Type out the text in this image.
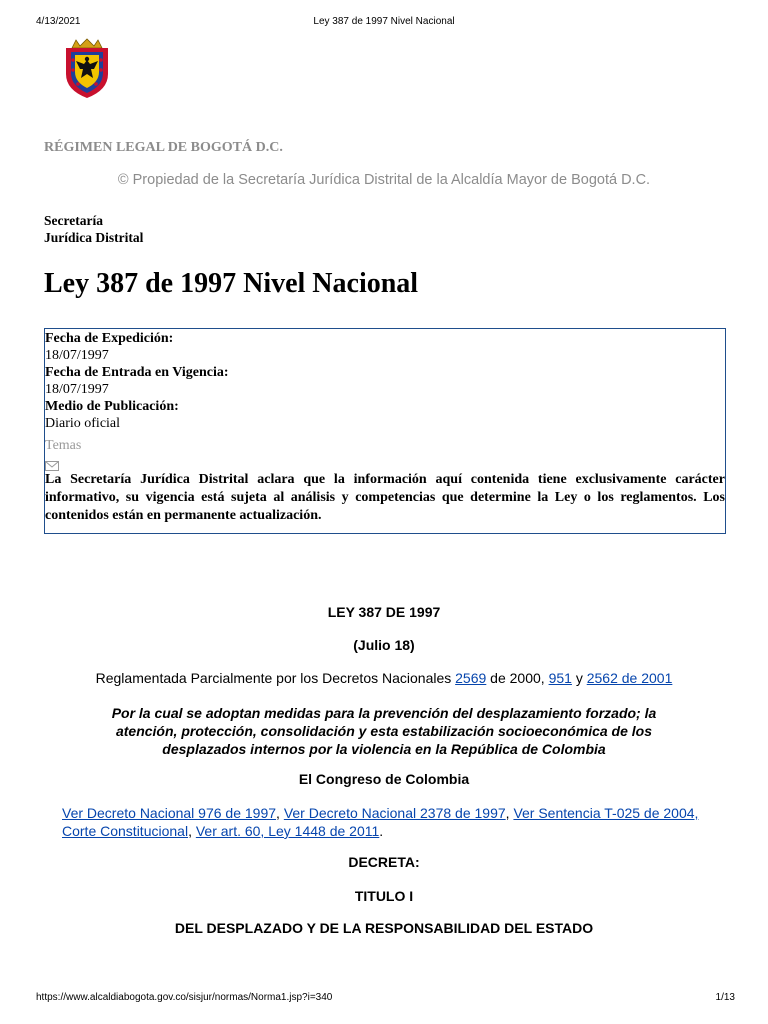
4/13/2021	Ley 387 de 1997 Nivel Nacional
RÉGIMEN LEGAL DE BOGOTÁ D.C.
© Propiedad de la Secretaría Jurídica Distrital de la Alcaldía Mayor de Bogotá D.C.
Secretaría
Jurídica Distrital
Ley 387 de 1997 Nivel Nacional
Fecha de Expedición:
18/07/1997
Fecha de Entrada en Vigencia:
18/07/1997
Medio de Publicación:
Diario oficial
Temas
La Secretaría Jurídica Distrital aclara que la información aquí contenida tiene exclusivamente carácter informativo, su vigencia está sujeta al análisis y competencias que determine la Ley o los reglamentos. Los contenidos están en permanente actualización.
LEY 387 DE 1997
(Julio 18)
Reglamentada Parcialmente por los Decretos Nacionales 2569 de 2000, 951 y 2562 de 2001
Por la cual se adoptan medidas para la prevención del desplazamiento forzado; la atención, protección, consolidación y esta estabilización socioeconómica de los desplazados internos por la violencia en la República de Colombia
El Congreso de Colombia
Ver Decreto Nacional 976 de 1997, Ver Decreto Nacional 2378 de 1997, Ver Sentencia T-025 de 2004, Corte Constitucional, Ver art. 60, Ley 1448 de 2011.
DECRETA:
TITULO I
DEL DESPLAZADO Y DE LA RESPONSABILIDAD DEL ESTADO
https://www.alcaldiabogota.gov.co/sisjur/normas/Norma1.jsp?i=340	1/13
